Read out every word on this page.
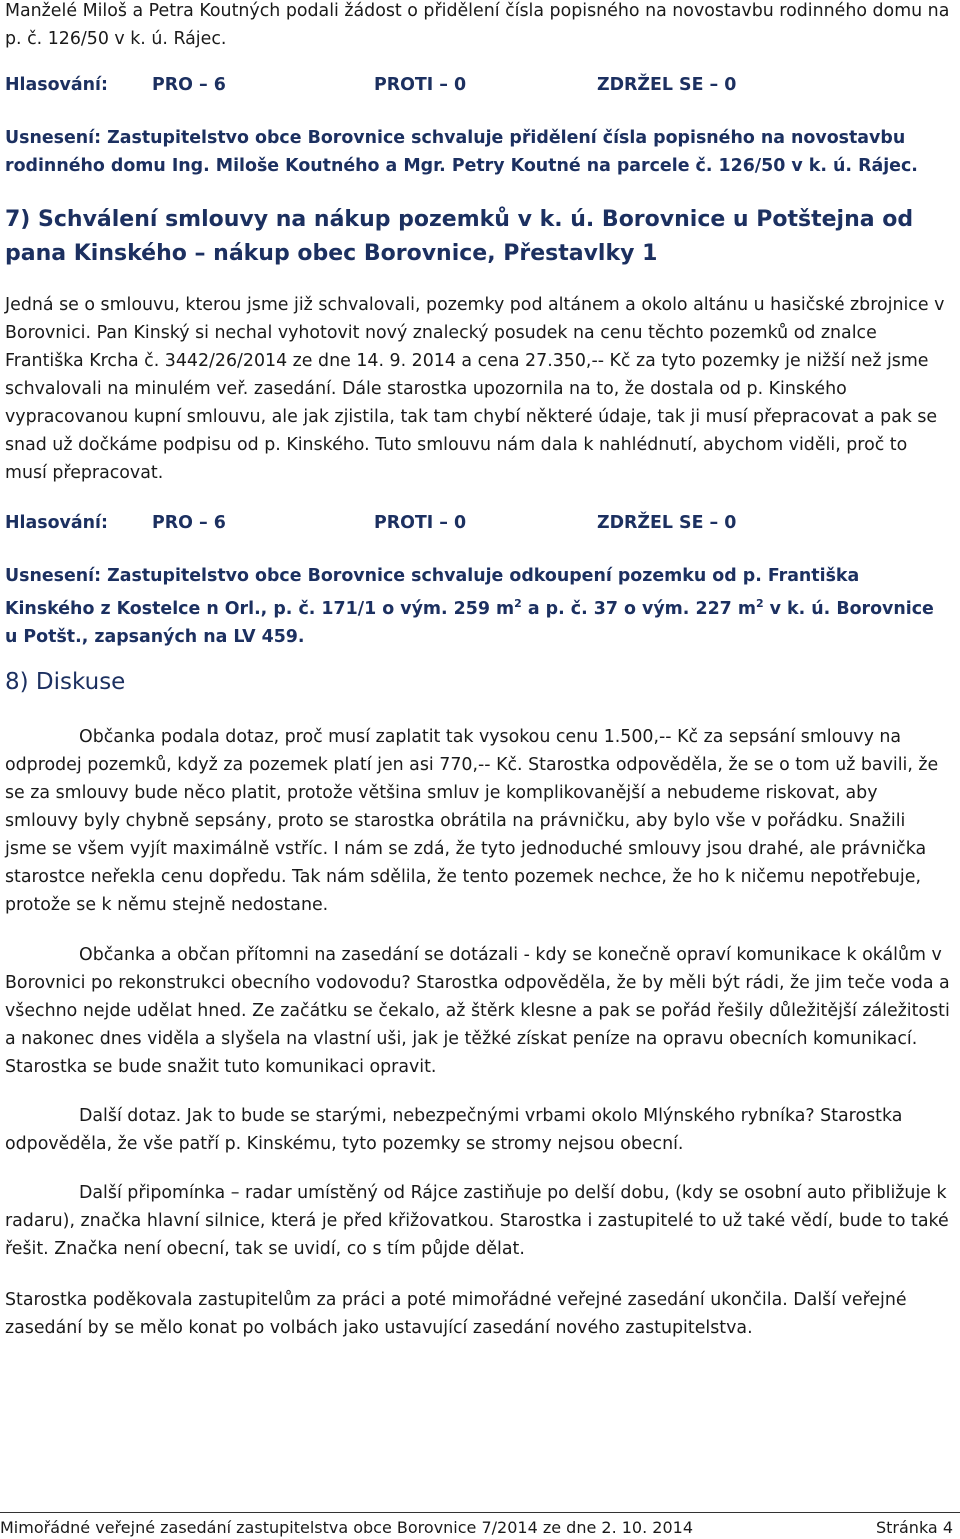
Manželé Miloš a Petra Koutných podali žádost o přidělení čísla popisného na novostavbu rodinného domu na p. č. 126/50 v k. ú. Rájec.

Hlasování:	PRO – 6	PROTI – 0	ZDRŽEL SE – 0

Usnesení: Zastupitelstvo obce Borovnice schvaluje přidělení čísla popisného na novostavbu rodinného domu Ing. Miloše Koutného a Mgr. Petry Koutné na parcele č. 126/50 v k. ú. Rájec.

7) Schválení smlouvy na nákup pozemků v k. ú. Borovnice u Potštejna od pana Kinského – nákup obec Borovnice, Přestavlky 1

Jedná se o smlouvu, kterou jsme již schvalovali, pozemky pod altánem a okolo altánu u hasičské zbrojnice v Borovnici. Pan Kinský si nechal vyhotovit nový znalecký posudek na cenu těchto pozemků od znalce Františka Krcha č. 3442/26/2014 ze dne 14. 9. 2014 a cena 27.350,-- Kč za tyto pozemky je nižší než jsme schvalovali na minulém veř. zasedání. Dále starostka upozornila na to, že dostala od p. Kinského vypracovanou kupní smlouvu, ale jak zjistila, tak tam chybí některé údaje, tak ji musí přepracovat a pak se snad už dočkáme podpisu od p. Kinského. Tuto smlouvu nám dala k nahlédnutí, abychom viděli, proč to musí přepracovat.

Hlasování:	PRO – 6	PROTI – 0	ZDRŽEL SE – 0

Usnesení: Zastupitelstvo obce Borovnice schvaluje odkoupení pozemku od p. Františka Kinského z Kostelce n Orl., p. č. 171/1 o vým. 259 $m^2$ a p. č. 37 o vým. 227 $m^2$ v k. ú. Borovnice u Potšt., zapsaných na LV 459.

8) Diskuse

Občanka podala dotaz, proč musí zaplatit tak vysokou cenu 1.500,-- Kč za sepsání smlouvy na odprodej pozemků, když za pozemek platí jen asi 770,-- Kč. Starostka odpověděla, že se o tom už bavili, že se za smlouvy bude něco platit, protože většina smluv je komplikovanější a nebudeme riskovat, aby smlouvy byly chybně sepsány, proto se starostka obrátila na právničku, aby bylo vše v pořádku. Snažili jsme se všem vyjít maximálně vstříc. I nám se zdá, že tyto jednoduché smlouvy jsou drahé, ale právnička starostce neřekla cenu dopředu. Tak nám sdělila, že tento pozemek nechce, že ho k ničemu nepotřebuje, protože se k němu stejně nedostane.

Občanka a občan přítomni na zasedání se dotázali - kdy se konečně opraví komunikace k okálům v Borovnici po rekonstrukci obecního vodovodu? Starostka odpověděla, že by měli být rádi, že jim teče voda a všechno nejde udělat hned. Ze začátku se čekalo, až štěrk klesne a pak se pořád řešily důležitější záležitosti a nakonec dnes viděla a slyšela na vlastní uši, jak je těžké získat peníze na opravu obecních komunikací. Starostka se bude snažit tuto komunikaci opravit.

Další dotaz. Jak to bude se starými, nebezpečnými vrbami okolo Mlýnského rybníka? Starostka odpověděla, že vše patří p. Kinskému, tyto pozemky se stromy nejsou obecní.

Další připomínka – radar umístěný od Rájce zastiňuje po delší dobu, (kdy se osobní auto přibližuje k radaru), značka hlavní silnice, která je před křižovatkou. Starostka i zastupitelé to už také vědí, bude to také řešit. Značka není obecní, tak se uvidí, co s tím půjde dělat.

Starostka poděkovala zastupitelům za práci a poté mimořádné veřejné zasedání ukončila. Další veřejné zasedání by se mělo konat po volbách jako ustavující zasedání nového zastupitelstva.

Mimořádné veřejné zasedání zastupitelstva obce Borovnice 7/2014 ze dne 2. 10. 2014	Stránka 4
